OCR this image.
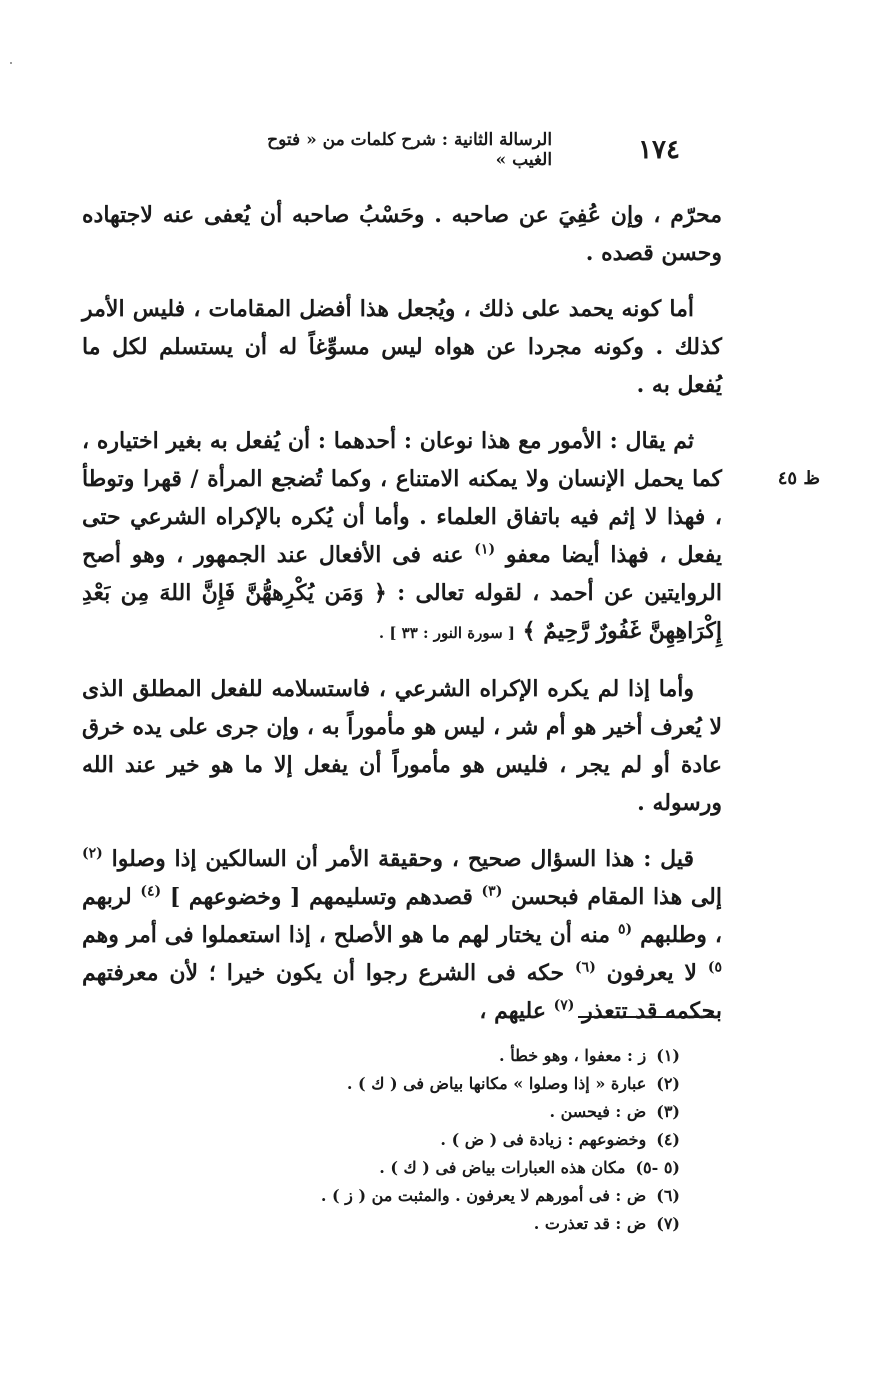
١٧٤
الرسالة الثانية : شرح كلمات من « فتوح الغيب »
ظ ٤٥

محرّم ، وإن عُفِيَ عن صاحبه . وحَسْبُ صاحبه أن يُعفى عنه لاجتهاده وحسن قصده .

أما كونه يحمد على ذلك ، ويُجعل هذا أفضل المقامات ، فليس الأمر كذلك . وكونه مجردا عن هواه ليس مسوِّغاً له أن يستسلم لكل ما يُفعل به .

ثم يقال : الأمور مع هذا نوعان : أحدهما : أن يُفعل به بغير اختياره ، كما يحمل الإنسان ولا يمكنه الامتناع ، وكما تُضجع المرأة / قهرا وتوطأ ، فهذا لا إثم فيه باتفاق العلماء . وأما أن يُكره بالإكراه الشرعي حتى يفعل ، فهذا أيضا معفو $^{(١)}$ عنه فى الأفعال عند الجمهور ، وهو أصح الروايتين عن أحمد ، لقوله تعالى : ﴿ وَمَن يُكْرِههُّنَّ فَإِنَّ اللهَ مِن بَعْدِ إِكْرَاهِهِنَّ غَفُورٌ رَّحِيمٌ ﴾ [ سورة النور : ٣٣ ] .

وأما إذا لم يكره الإكراه الشرعي ، فاستسلامه للفعل المطلق الذى لا يُعرف أخير هو أم شر ، ليس هو مأموراً به ، وإن جرى على يده خرق عادة أو لم يجر ، فليس هو مأموراً أن يفعل إلا ما هو خير عند الله ورسوله .

قيل : هذا السؤال صحيح ، وحقيقة الأمر أن السالكين إذا وصلوا $^{(٢)}$ إلى هذا المقام فبحسن $^{(٣)}$ قصدهم وتسليمهم [ وخضوعهم ] $^{(٤)}$ لربهم ، وطلبهم $^{(٥}$ منه أن يختار لهم ما هو الأصلح ، إذا استعملوا فى أمر وهم $^{٥)}$ لا يعرفون $^{(٦)}$ حكه فى الشرع رجوا أن يكون خيرا ؛ لأن معرفتهم بحكمه قد تتعذر $^{(٧)}$ عليهم ،

(١)ز : معفوا ، وهو خطأ .
(٢)عبارة « إذا وصلوا » مكانها بياض فى ( ك ) .
(٣)ض : فيحسن .
(٤)وخضوعهم : زيادة فى ( ض ) .
(٥ -٥)مكان هذه العبارات بياض فى ( ك ) .
(٦)ض : فى أمورهم لا يعرفون . والمثبت من ( ز ) .
(٧)ض : قد تعذرت .
